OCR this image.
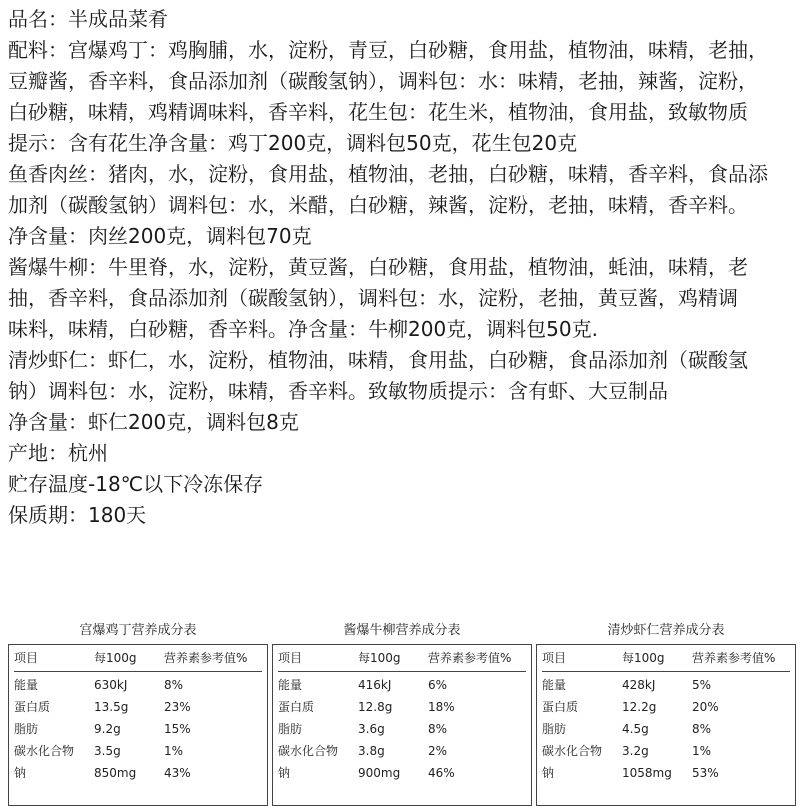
品名：半成品菜肴
配料：宫爆鸡丁：鸡胸脯，水，淀粉，青豆，白砂糖，食用盐，植物油，味精，老抽，
豆瓣酱，香辛料，食品添加剂（碳酸氢钠），调料包：水：味精，老抽，辣酱，淀粉，
白砂糖，味精，鸡精调味料，香辛料，花生包：花生米，植物油，食用盐，致敏物质
提示：含有花生净含量：鸡丁200克，调料包50克，花生包20克
鱼香肉丝：猪肉，水，淀粉，食用盐，植物油，老抽，白砂糖，味精，香辛料，食品添
加剂（碳酸氢钠）调料包：水，米醋，白砂糖，辣酱，淀粉，老抽，味精，香辛料。
净含量：肉丝200克，调料包70克
酱爆牛柳：牛里脊，水，淀粉，黄豆酱，白砂糖，食用盐，植物油，蚝油，味精，老
抽，香辛料，食品添加剂（碳酸氢钠），调料包：水，淀粉，老抽，黄豆酱，鸡精调
味料，味精，白砂糖，香辛料。净含量：牛柳200克，调料包50克.
清炒虾仁：虾仁，水，淀粉，植物油，味精，食用盐，白砂糖，食品添加剂（碳酸氢
钠）调料包：水，淀粉，味精，香辛料。致敏物质提示：含有虾、大豆制品
净含量：虾仁200克，调料包8克
产地：杭州
贮存温度-18℃以下冷冻保存
保质期：180天
宫爆鸡丁营养成分表
项目	每100g 营养素参考值%
能量	630kJ	8%
蛋白质	13.5g	23%
脂肪	9.2g	15%
碳水化合物 3.5g	1%
钠	850mg 43%
酱爆牛柳营养成分表
项目	每100g 营养素参考值%
能量	416kJ	6%
蛋白质	12.8g	18%
脂肪	3.6g	8%
碳水化合物 3.8g	2%
钠	900mg 46%
清炒虾仁营养成分表
项目	每100g 营养素参考值%
能量	428kJ	5%
蛋白质	12.2g	20%
脂肪	4.5g	8%
碳水化合物 3.2g	1%
钠	1058mg 53%
